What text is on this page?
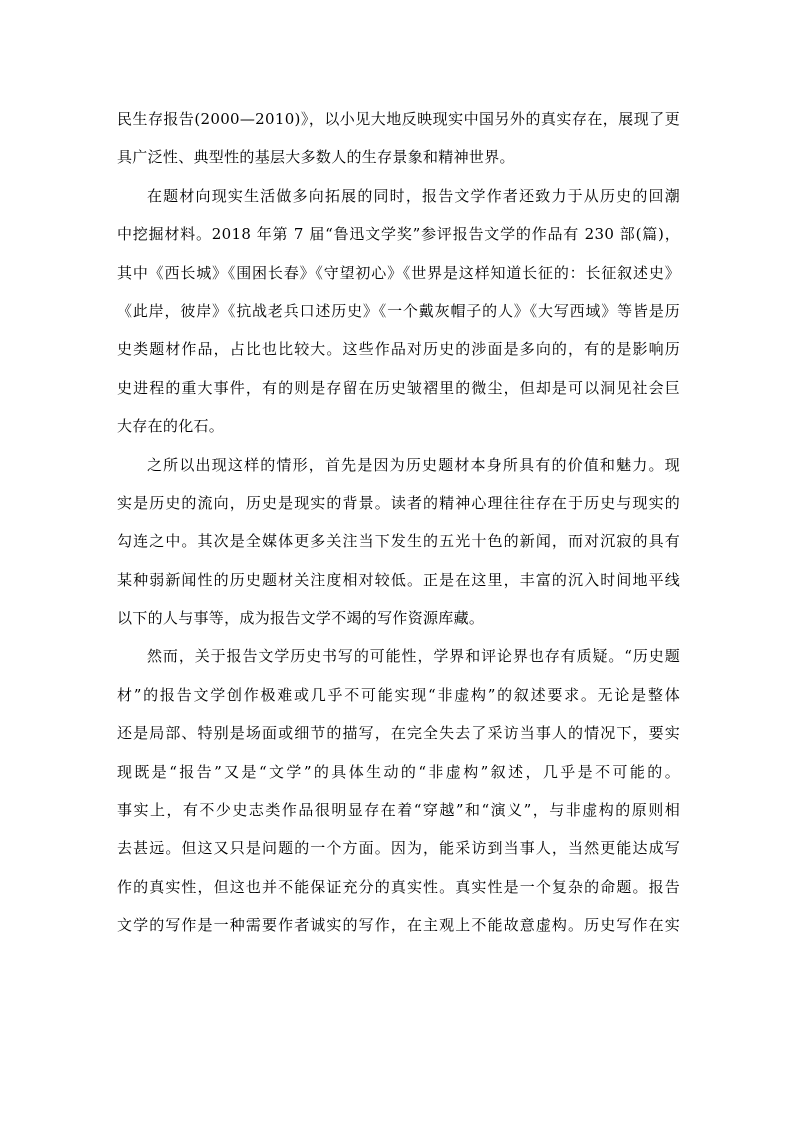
民生存报告(2000—2010)》，以小见大地反映现实中国另外的真实存在，展现了更
具广泛性、典型性的基层大多数人的生存景象和精神世界。
在题材向现实生活做多向拓展的同时，报告文学作者还致力于从历史的回潮
中挖掘材料。2018 年第 7 届“鲁迅文学奖”参评报告文学的作品有 230 部(篇)，
其中《西长城》《围困长春》《守望初心》《世界是这样知道长征的：长征叙述史》
《此岸，彼岸》《抗战老兵口述历史》《一个戴灰帽子的人》《大写西域》等皆是历
史类题材作品，占比也比较大。这些作品对历史的涉面是多向的，有的是影响历
史进程的重大事件，有的则是存留在历史皱褶里的微尘，但却是可以洞见社会巨
大存在的化石。
之所以出现这样的情形，首先是因为历史题材本身所具有的价值和魅力。现
实是历史的流向，历史是现实的背景。读者的精神心理往往存在于历史与现实的
勾连之中。其次是全媒体更多关注当下发生的五光十色的新闻，而对沉寂的具有
某种弱新闻性的历史题材关注度相对较低。正是在这里，丰富的沉入时间地平线
以下的人与事等，成为报告文学不竭的写作资源库藏。
然而，关于报告文学历史书写的可能性，学界和评论界也存有质疑。“历史题
材”的报告文学创作极难或几乎不可能实现“非虚构”的叙述要求。无论是整体
还是局部、特别是场面或细节的描写，在完全失去了采访当事人的情况下，要实
现既是“报告”又是“文学”的具体生动的“非虚构”叙述，几乎是不可能的。
事实上，有不少史志类作品很明显存在着“穿越”和“演义”，与非虚构的原则相
去甚远。但这又只是问题的一个方面。因为，能采访到当事人，当然更能达成写
作的真实性，但这也并不能保证充分的真实性。真实性是一个复杂的命题。报告
文学的写作是一种需要作者诚实的写作，在主观上不能故意虚构。历史写作在实
